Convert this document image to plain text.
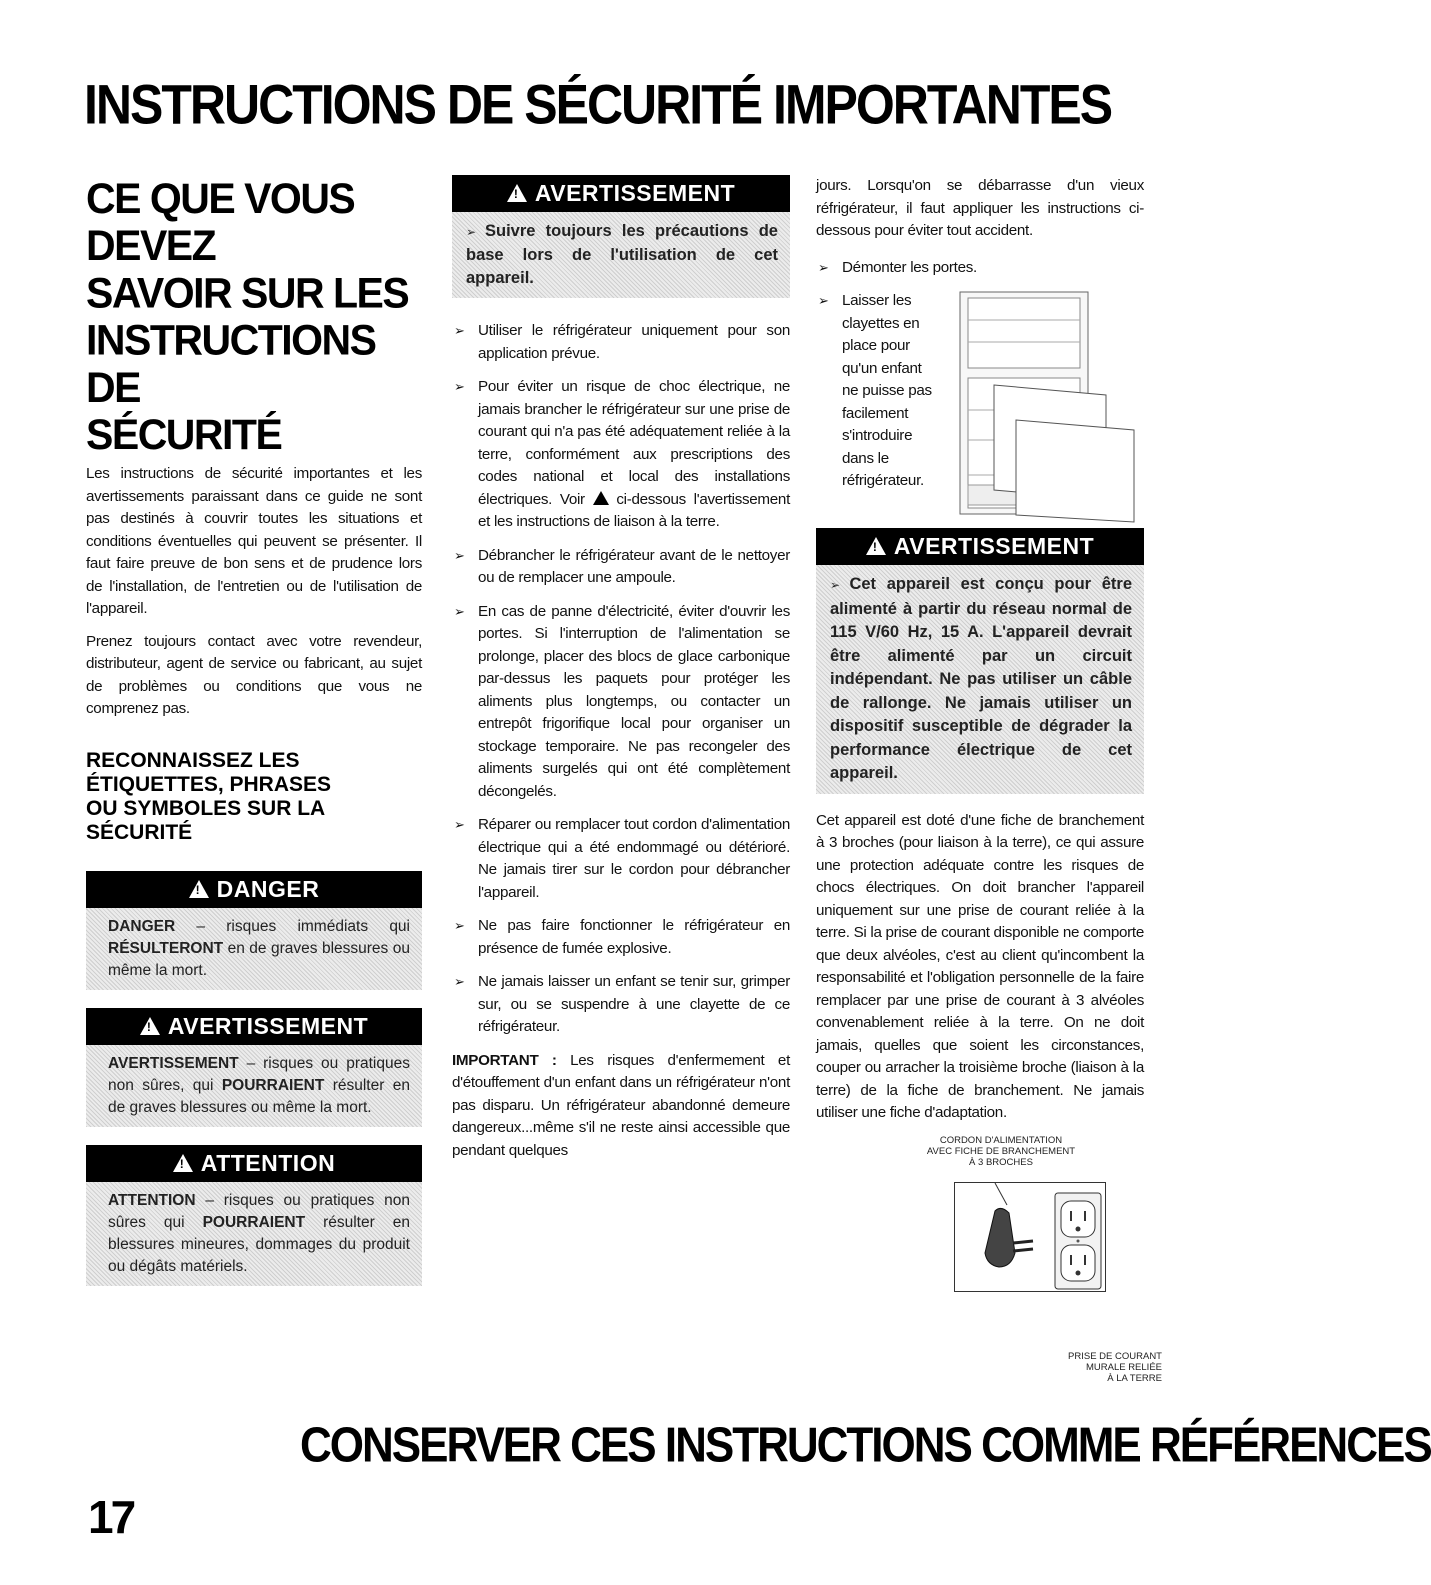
INSTRUCTIONS DE SÉCURITÉ IMPORTANTES
CE QUE VOUS DEVEZ
SAVOIR SUR LES
INSTRUCTIONS DE
SÉCURITÉ

Les instructions de sécurité importantes et les avertissements paraissant dans ce guide ne sont pas destinés à couvrir toutes les situations et conditions éventuelles qui peuvent se présenter. Il faut faire preuve de bon sens et de prudence lors de l'installation, de l'entretien ou de l'utilisation de l'appareil.

Prenez toujours contact avec votre revendeur, distributeur, agent de service ou fabricant, au sujet de problèmes ou conditions que vous ne comprenez pas.

RECONNAISSEZ LES
ÉTIQUETTES, PHRASES
OU SYMBOLES SUR LA
SÉCURITÉ
!DANGER
DANGER – risques immédiats qui RÉSULTERONT en de graves blessures ou même la mort.
!AVERTISSEMENT
AVERTISSEMENT – risques ou pratiques non sûres, qui POURRAIENT résulter en de graves blessures ou même la mort.
!ATTENTION
ATTENTION – risques ou pratiques non sûres qui POURRAIENT résulter en blessures mineures, dommages du produit ou dégâts matériels.
!AVERTISSEMENT
➢ Suivre toujours les précautions de base lors de l'utilisation de cet appareil.
➢ Utiliser le réfrigérateur uniquement pour son application prévue.
➢ Pour éviter un risque de choc électrique, ne jamais brancher le réfrigérateur sur une prise de courant qui n'a pas été adéquatement reliée à la terre, conformément aux prescriptions des codes national et local des installations électriques. Voir ci-dessous l'avertissement et les instructions de liaison à la terre.
➢ Débrancher le réfrigérateur avant de le nettoyer ou de remplacer une ampoule.
➢ En cas de panne d'électricité, éviter d'ouvrir les portes. Si l'interruption de l'alimentation se prolonge, placer des blocs de glace carbonique par-dessus les paquets pour protéger les aliments plus longtemps, ou contacter un entrepôt frigorifique local pour organiser un stockage temporaire. Ne pas recongeler des aliments surgelés qui ont été complètement décongelés.
➢ Réparer ou remplacer tout cordon d'alimentation électrique qui a été endommagé ou détérioré. Ne jamais tirer sur le cordon pour débrancher l'appareil.
➢ Ne pas faire fonctionner le réfrigérateur en présence de fumée explosive.
➢ Ne jamais laisser un enfant se tenir sur, grimper sur, ou se suspendre à une clayette de ce réfrigérateur.

IMPORTANT : Les risques d'enfermement et d'étouffement d'un enfant dans un réfrigérateur n'ont pas disparu. Un réfrigérateur abandonné demeure dangereux...même s'il ne reste ainsi accessible que pendant quelques

jours. Lorsqu'on se débarrasse d'un vieux réfrigérateur, il faut appliquer les instructions ci-dessous pour éviter tout accident.

➢ Démonter les portes.
➢ Laisser les clayettes en place pour qu'un enfant ne puisse pas facilement s'introduire dans le réfrigérateur.
!AVERTISSEMENT
➢ Cet appareil est conçu pour être alimenté à partir du réseau normal de 115 V/60 Hz, 15 A. L'appareil devrait être alimenté par un circuit indépendant. Ne pas utiliser un câble de rallonge. Ne jamais utiliser un dispositif susceptible de dégrader la performance électrique de cet appareil.

Cet appareil est doté d'une fiche de branchement à 3 broches (pour liaison à la terre), ce qui assure une protection adéquate contre les risques de chocs électriques. On doit brancher l'appareil uniquement sur une prise de courant reliée à la terre. Si la prise de courant disponible ne comporte que deux alvéoles, c'est au client qu'incombent la responsabilité et l'obligation personnelle de la faire remplacer par une prise de courant à 3 alvéoles convenablement reliée à la terre. On ne doit jamais, quelles que soient les circonstances, couper ou arracher la troisième broche (liaison à la terre) de la fiche de branchement. Ne jamais utiliser une fiche d'adaptation.

CORDON D'ALIMENTATION
AVEC FICHE DE BRANCHEMENT
À 3 BROCHES
PRISE DE COURANT
MURALE RELIÉE
À LA TERRE
CONSERVER CES INSTRUCTIONS COMME RÉFÉRENCES
17
